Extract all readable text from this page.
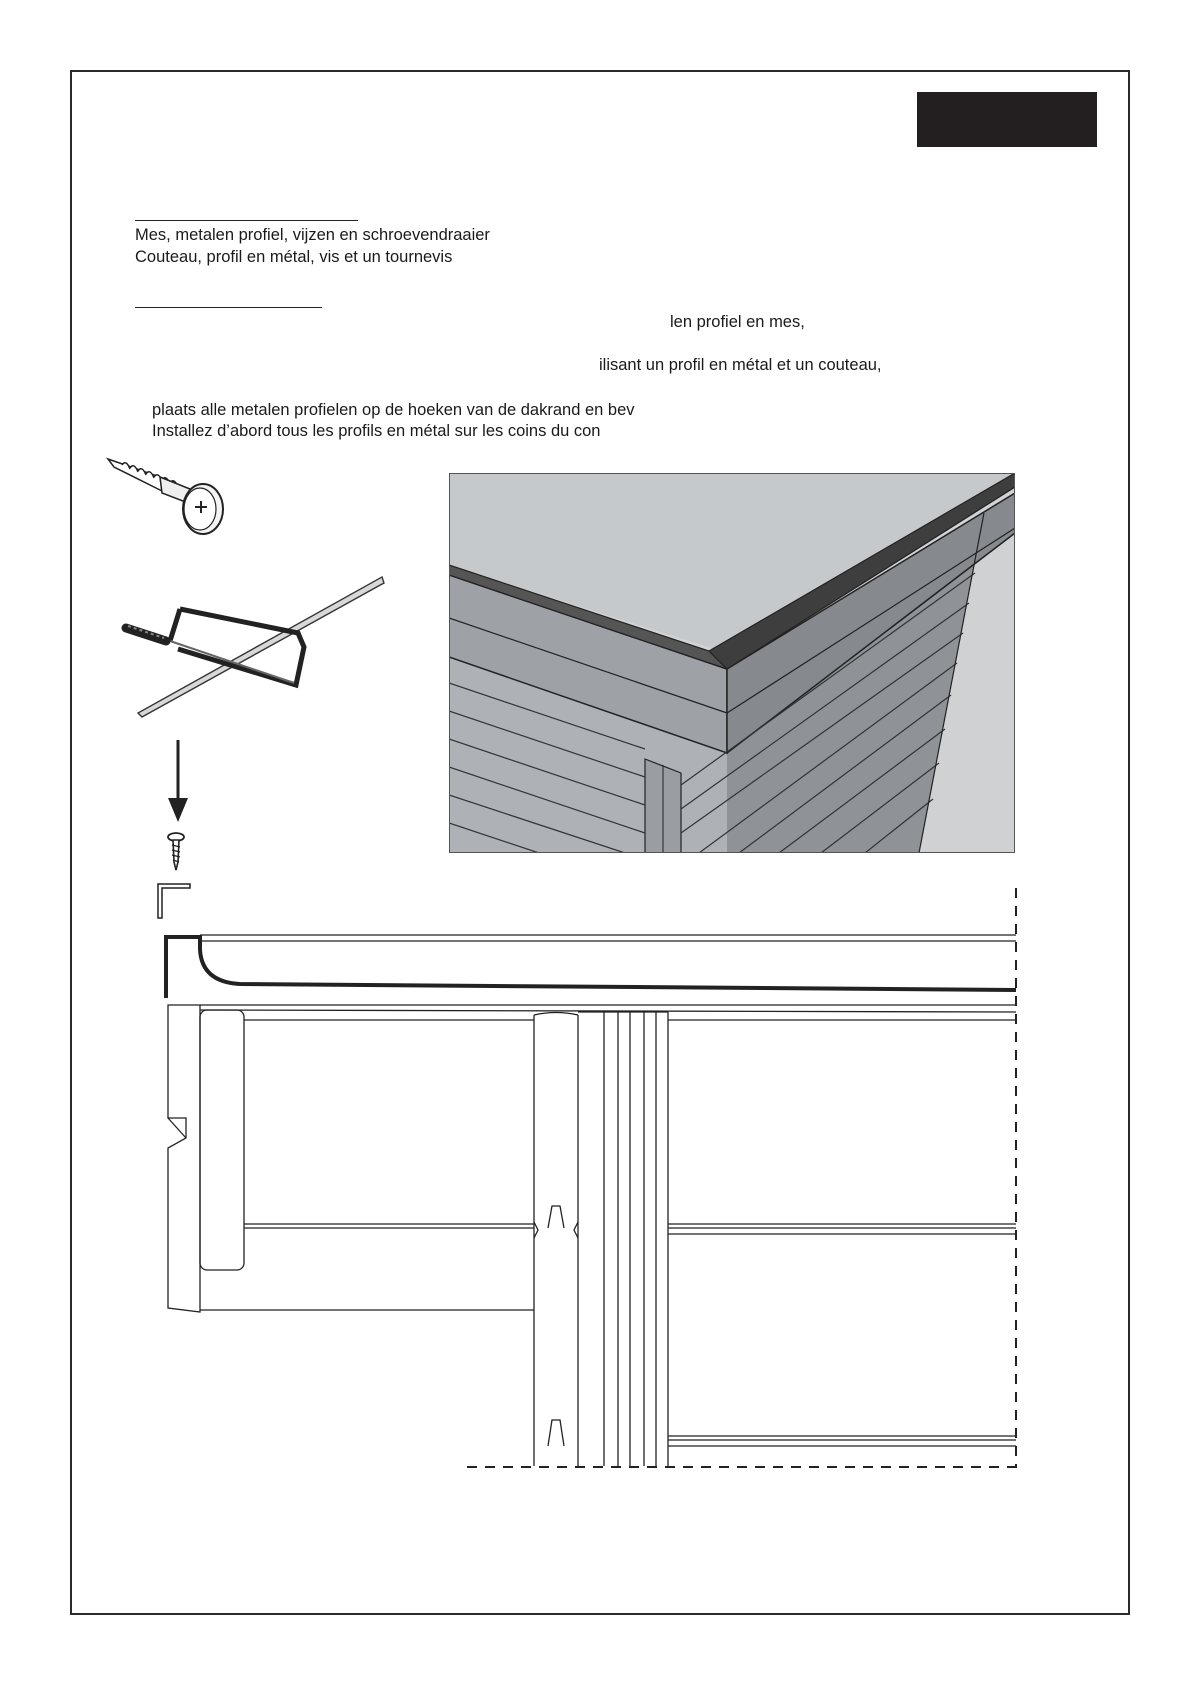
Mes, metalen profiel, vijzen en schroevendraaier
Couteau, profil en métal, vis et un tournevis
len profiel en mes,
ilisant un profil en métal et un couteau,
plaats alle metalen profielen op de hoeken van de dakrand en bev
Installez d’abord tous les profils en métal sur les coins du con
